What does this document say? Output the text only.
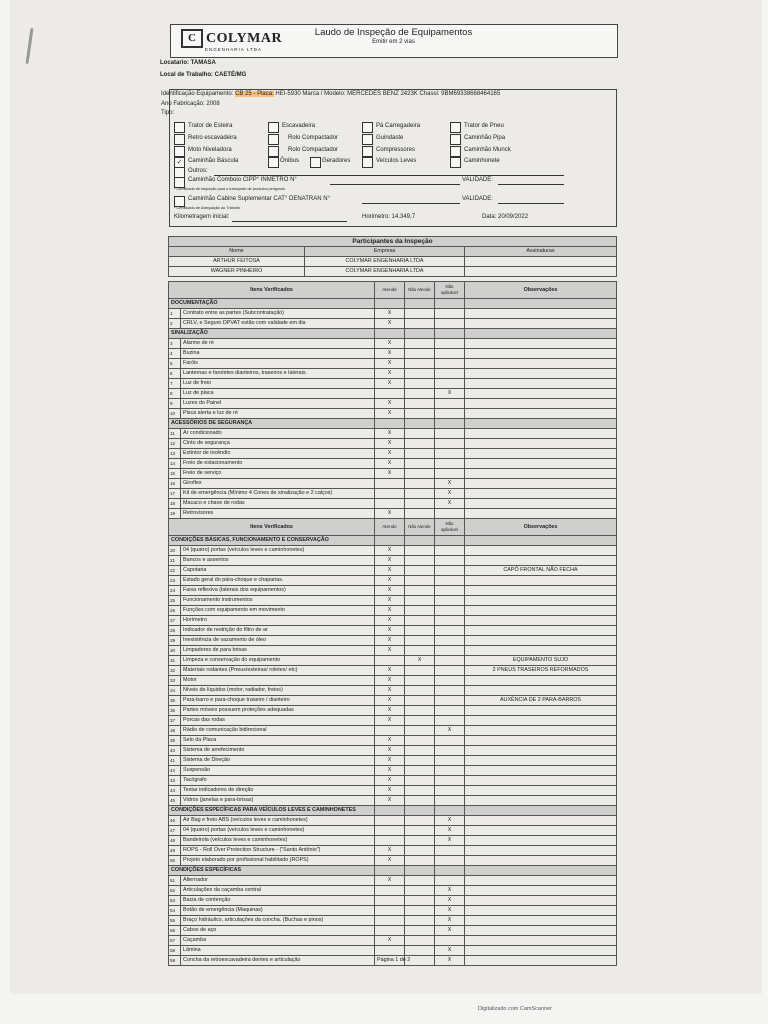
C COLYMAR
ENGENHARIA LTDA
Laudo de Inspeção de Equipamentos
Emitir em 2 vias
Locatario: TAMASA
Local de Trabalho: CAETÉ/MG
Identificação Equipamento: CB 25 - Placa: HEI-5930 Marca / Modelo: MERCEDES BENZ 2423K Chassi: 9BM69338668464165
Ano Fabricação: 2008
Tipo:
Trator de Esteira	Escavadeira	Pá Carregadeira	Trator de Pneu
Retro escavadeira	Rolo Compactador	Guindaste	Caminhão Pipa
Moto Niveladora	Rolo Compactador	Compressores	Caminhão Munck
✓ Caminhão Báscula	Ônibus	Geradores	Veículos Leves	Caminhonete
Outros:
Caminhão Comboio CIPP° INMETRO N°	VALIDADE:
* Certificado de Inspeção para o transporte de produtos perigosos
Caminhão Cabine Suplementar CAT° DENATRAN N°	VALIDADE:
* Certificado de Adequação ao Trânsito
Kilometragem inicial:	Horimetro: 14.349,7	Data: 20/09/2022
Participantes da Inspeção		
Nome	Empresa	Assinaturas
ARTHUR FEITOSA	COLYMAR ENGENHARIA LTDA	
WAGNER PINHEIRO	COLYMAR ENGENHARIA LTDA	
Itens Verificados		Atende	Não Atende	Não aplicável	Observações
DOCUMENTAÇÃO					
1	Contrato entre as partes (Subcontratação)	X			
2	CRLV, e Seguro DPVAT estão com validade em dia	X			
SINALIZAÇÃO					
3	Alarme de ré	X			
4	Buzina	X			
5	Faróis	X			
6	Lanternas e faroletes dianteiros, traseiros e laterais.	X			
7	Luz de freio	X			
8	Luz de placa			X	
9	Luzes do Painel	X			
10	Pisca alerta e luz de ré	X			
ACESSÓRIOS DE SEGURANÇA					
11	Ar condicionado	X			
12	Cinto de segurança	X			
13	Extintor de incêndio	X			
14	Freio de estacionamento	X			
15	Freio de serviço	X			
16	Giroflex			X	
17	Kit de emergência (Mínimo 4 Cones de sinalização e 2 calços)			X	
18	Macaco e chave de rodas			X	
19	Retrovisores	X			
Itens Verificados		Atende	Não Atende	Não aplicável	Observações
CONDIÇÕES BÁSICAS, FUNCIONAMENTO E CONSERVAÇÃO					
20	04 (quatro) portas (veículos leves e caminhonetes)	X			
21	Bancos e assentos	X			
22	Capotaria	X			CAPÔ FRONTAL NÃO FECHA
23	Estado geral do pára-choque e chaparias.	X			
24	Faixa reflexiva (laterais dos equipamentos)	X			
25	Funcionamento instrumentos	X			
26	Funções com equipamento em movimento	X			
27	Horímetro	X			
28	Indicador de restrição do filtro de ar	X			
29	Inexistência de vazamento de óleo	X			
30	Limpadores de para brisas	X			
31	Limpeza e conservação do equipamento		X		EQUIPAMENTO SUJO
32	Materiais rodantes (Pneus/esteiras/ roletes/ etc)	X			2 PNEUS TRASEIROS REFORMADOS
33	Motor	X			
34	Níveis de líquidos (motor, radiador, freios)	X			
35	Para-barro e para-choque traseiro / dianteiro	X			AUXÊNCIA DE 2 PARA-BARROS
36	Partes móveis possuem proteções adequadas	X			
37	Porcas das rodas	X			
38	Rádio de comunicação bidirecional			X	
39	Selo da Placa	X			
40	Sistema de arrefecimento	X			
41	Sistema de Direção	X			
42	Suspensão	X			
43	Tacógrafo	X			
44	Testar indicadores de direção	X			
45	Vidros (janelas e para-brisas)	X			
CONDIÇÕES ESPECÍFICAS PARA VEÍCULOS LEVES E CAMINHONETES					
46	Air Bag e freio ABS (veículos leves e caminhonetes)			X	
47	04 (quatro) portas (veículos leves e caminhonetes)			X	
48	Bandeirola (veículos leves e caminhonetes)			X	
49	ROPS - Roll Over Protection Structure - ("Santo Antônio")	X			
50	Projeto elaborado por profissional habilitado (ROPS)	X			
CONDIÇÕES ESPECÍFICAS					
51	Alternador	X			
52	Articulações da caçamba central			X	
53	Bacia de contenção			X	
54	Botão de emergência (Maquinas)			X	
55	Braço hidráulico, articulações da concha. (Buchas e pinos)			X	
56	Cabos de aço			X	
57	Caçamba	X			
58	Lâmina			X	
59	Concha da retroescavadeira dentes e articulação	Página 1 de 2		X	
Digitalizado com CamScanner
